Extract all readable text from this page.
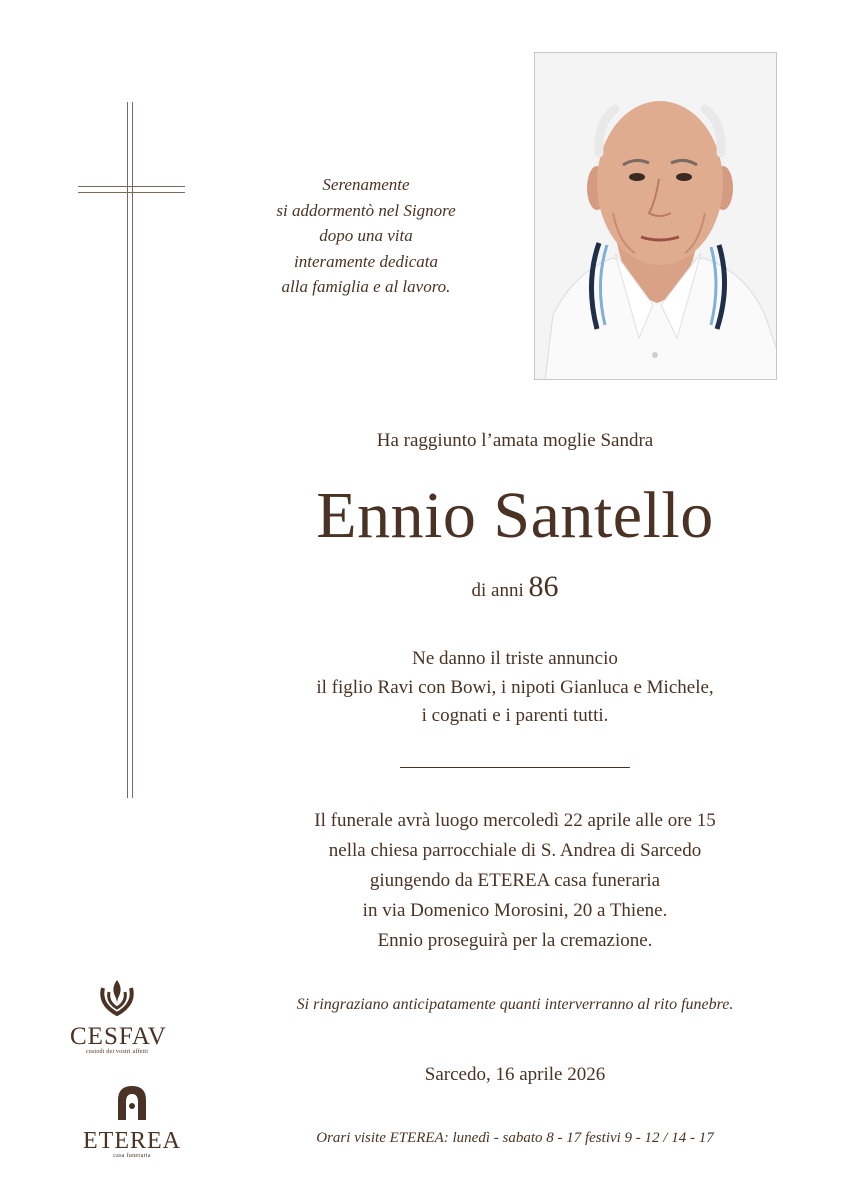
Serenamente
si addormentò nel Signore
dopo una vita
interamente dedicata
alla famiglia e al lavoro.
Ha raggiunto l’amata moglie Sandra
Ennio Santello
di anni 86
Ne danno il triste annuncio
il figlio Ravi con Bowi, i nipoti Gianluca e Michele,
i cognati e i parenti tutti.
Il funerale avrà luogo mercoledì 22 aprile alle ore 15
nella chiesa parrocchiale di S. Andrea di Sarcedo
giungendo da ETEREA casa funeraria
in via Domenico Morosini, 20 a Thiene.
Ennio proseguirà per la cremazione.
Si ringraziano anticipatamente quanti interverranno al rito funebre.
Sarcedo, 16 aprile 2026
Orari visite ETEREA: lunedì - sabato 8 - 17 festivi 9 - 12 / 14 - 17
CESFAV
custodi dei vostri affetti
ETEREA
casa funeraria
